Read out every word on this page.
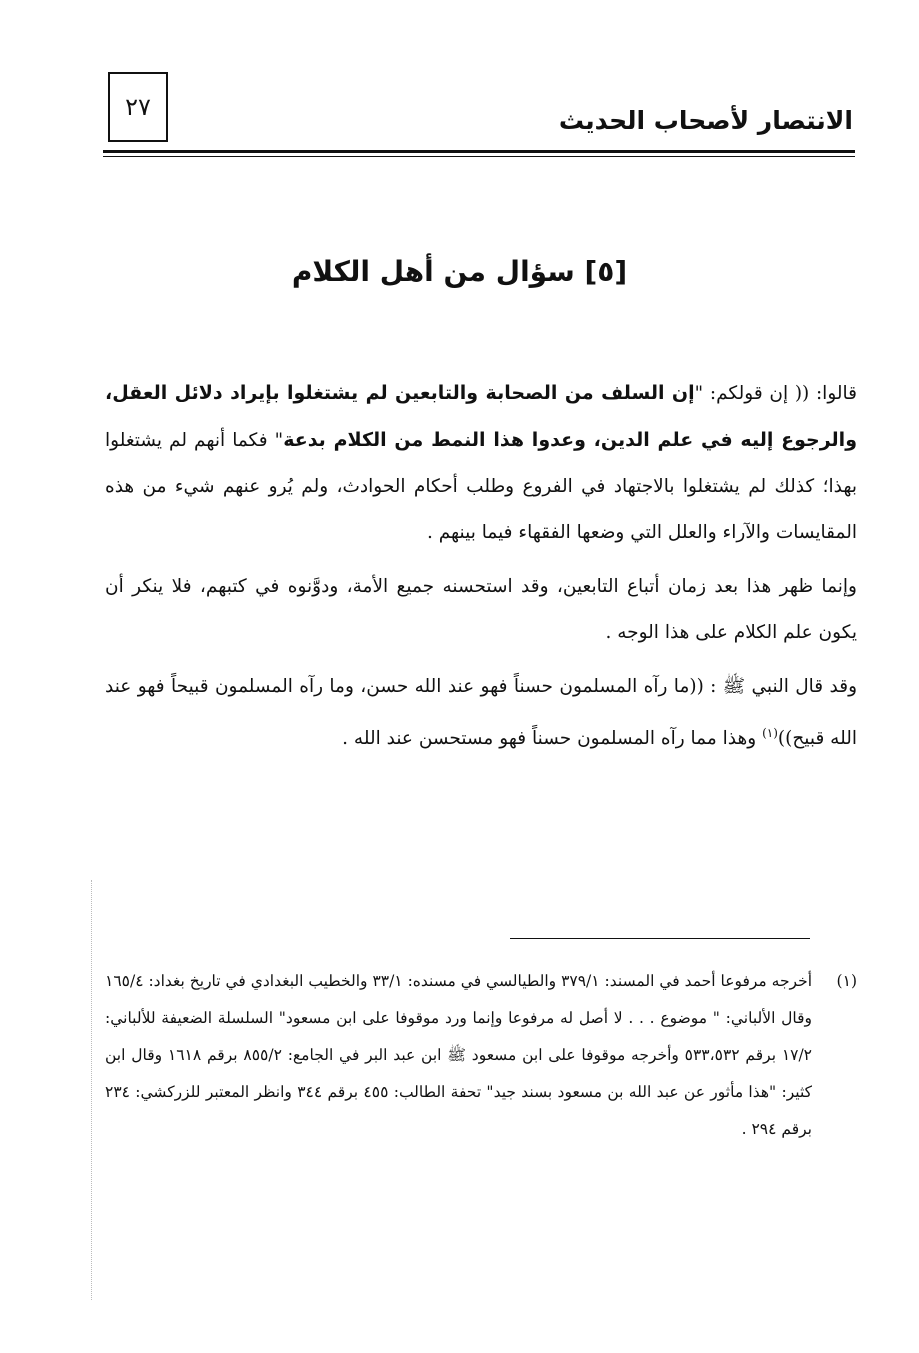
٢٧	الانتصار لأصحاب الحديث
[٥] سؤال من أهل الكلام

قالوا: (( إن قولكم: "إن السلف من الصحابة والتابعين لم يشتغلوا بإيراد دلائل العقل، والرجوع إليه في علم الدين، وعدوا هذا النمط من الكلام بدعة" فكما أنهم لم يشتغلوا بهذا؛ كذلك لم يشتغلوا بالاجتهاد في الفروع وطلب أحكام الحوادث، ولم يُرو عنهم شيء من هذه المقايسات والآراء والعلل التي وضعها الفقهاء فيما بينهم .

وإنما ظهر هذا بعد زمان أتباع التابعين، وقد استحسنه جميع الأمة، ودوَّنوه في كتبهم، فلا ينكر أن يكون علم الكلام على هذا الوجه .

وقد قال النبي ﷺ : ((ما رآه المسلمون حسناً فهو عند الله حسن، وما رآه المسلمون قبيحاً فهو عند الله قبيح))$^{(١)}$ وهذا مما رآه المسلمون حسناً فهو مستحسن عند الله .

(١)
أخرجه مرفوعا أحمد في المسند: ٣٧٩/١ والطيالسي في مسنده: ٣٣/١ والخطيب البغدادي في تاريخ بغداد: ١٦٥/٤ وقال الألباني: " موضوع . . . لا أصل له مرفوعا وإنما ورد موقوفا على ابن مسعود" السلسلة الضعيفة للألباني: ١٧/٢ برقم ٥٣٣،٥٣٢ وأخرجه موقوفا على ابن مسعود ﷺ ابن عبد البر في الجامع: ٨٥٥/٢ برقم ١٦١٨ وقال ابن كثير: "هذا مأثور عن عبد الله بن مسعود بسند جيد" تحفة الطالب: ٤٥٥ برقم ٣٤٤ وانظر المعتبر للزركشي: ٢٣٤ برقم ٢٩٤ .
